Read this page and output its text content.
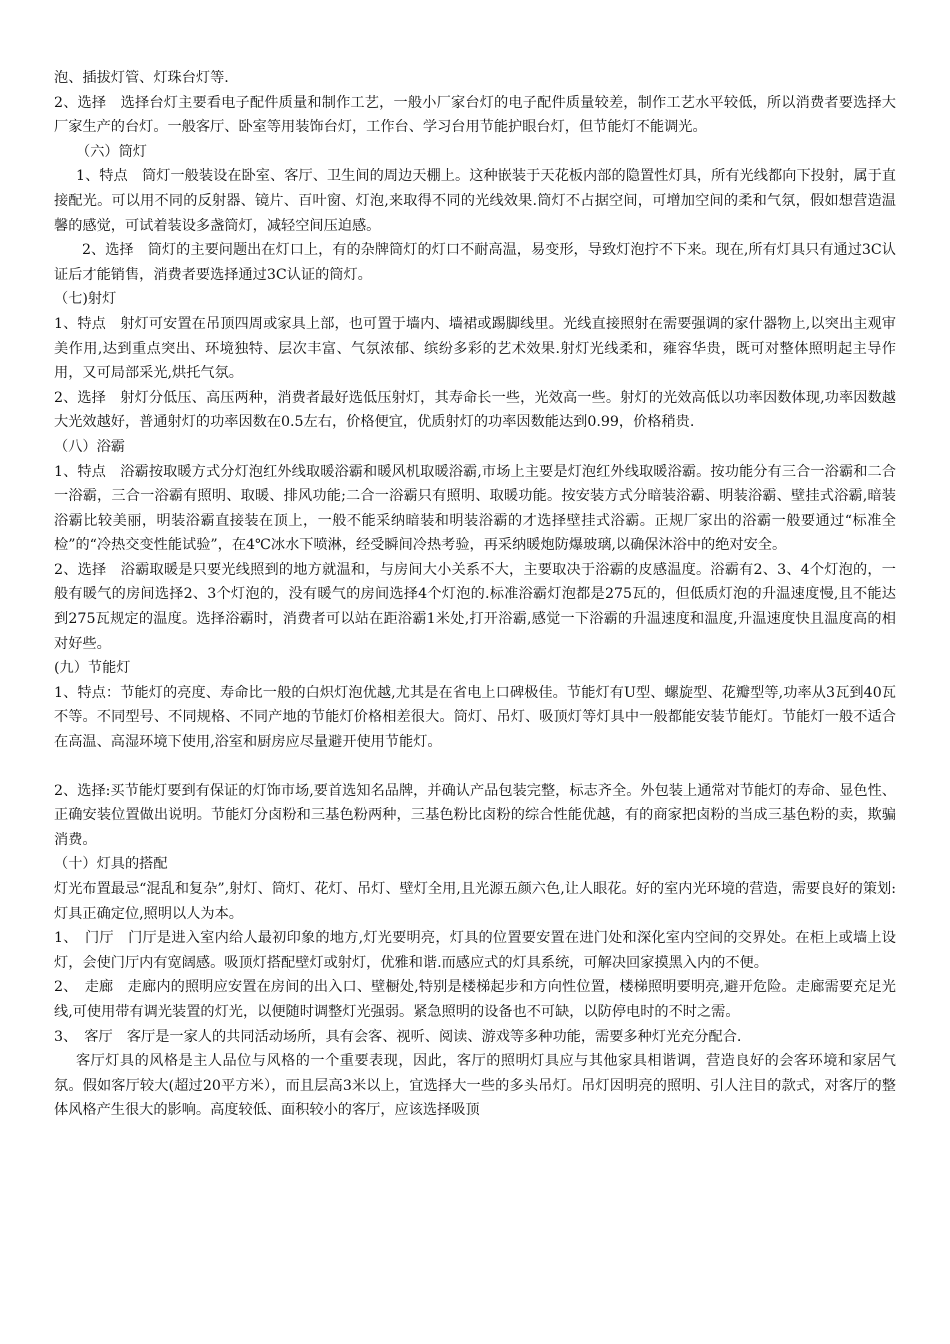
泡、插拔灯管、灯珠台灯等.

2、选择　选择台灯主要看电子配件质量和制作工艺，一般小厂家台灯的电子配件质量较差，制作工艺水平较低，所以消费者要选择大厂家生产的台灯。一般客厅、卧室等用装饰台灯，工作台、学习台用节能护眼台灯，但节能灯不能调光。

（六）筒灯

1、特点　筒灯一般装设在卧室、客厅、卫生间的周边天棚上。这种嵌装于天花板内部的隐置性灯具，所有光线都向下投射，属于直接配光。可以用不同的反射器、镜片、百叶窗、灯泡,来取得不同的光线效果.筒灯不占据空间，可增加空间的柔和气氛，假如想营造温馨的感觉，可试着装设多盏筒灯，减轻空间压迫感。

2、选择　筒灯的主要问题出在灯口上，有的杂牌筒灯的灯口不耐高温，易变形，导致灯泡拧不下来。现在,所有灯具只有通过3C认证后才能销售，消费者要选择通过3C认证的筒灯。

（七)射灯

1、特点　射灯可安置在吊顶四周或家具上部，也可置于墙内、墙裙或踢脚线里。光线直接照射在需要强调的家什器物上,以突出主观审美作用,达到重点突出、环境独特、层次丰富、气氛浓郁、缤纷多彩的艺术效果.射灯光线柔和，雍容华贵，既可对整体照明起主导作用，又可局部采光,烘托气氛。

2、选择　射灯分低压、高压两种，消费者最好选低压射灯，其寿命长一些，光效高一些。射灯的光效高低以功率因数体现,功率因数越大光效越好，普通射灯的功率因数在0.5左右，价格便宜，优质射灯的功率因数能达到0.99，价格稍贵.

（八）浴霸

1、特点　浴霸按取暖方式分灯泡红外线取暖浴霸和暖风机取暖浴霸,市场上主要是灯泡红外线取暖浴霸。按功能分有三合一浴霸和二合一浴霸，三合一浴霸有照明、取暖、排风功能;二合一浴霸只有照明、取暖功能。按安装方式分暗装浴霸、明装浴霸、壁挂式浴霸,暗装浴霸比较美丽，明装浴霸直接装在顶上，一般不能采纳暗装和明装浴霸的才选择壁挂式浴霸。正规厂家出的浴霸一般要通过“标准全检”的“冷热交变性能试验”，在4℃冰水下喷淋，经受瞬间冷热考验，再采纳暖炮防爆玻璃,以确保沐浴中的绝对安全。

2、选择　浴霸取暖是只要光线照到的地方就温和，与房间大小关系不大，主要取决于浴霸的皮感温度。浴霸有2、3、4个灯泡的，一般有暖气的房间选择2、3个灯泡的，没有暖气的房间选择4个灯泡的.标准浴霸灯泡都是275瓦的，但低质灯泡的升温速度慢,且不能达到275瓦规定的温度。选择浴霸时，消费者可以站在距浴霸1米处,打开浴霸,感觉一下浴霸的升温速度和温度,升温速度快且温度高的相对好些。

(九）节能灯

1、特点：节能灯的亮度、寿命比一般的白炽灯泡优越,尤其是在省电上口碑极佳。节能灯有U型、螺旋型、花瓣型等,功率从3瓦到40瓦不等。不同型号、不同规格、不同产地的节能灯价格相差很大。筒灯、吊灯、吸顶灯等灯具中一般都能安装节能灯。节能灯一般不适合在高温、高湿环境下使用,浴室和厨房应尽量避开使用节能灯。

2、选择:买节能灯要到有保证的灯饰市场,要首选知名品牌，并确认产品包装完整，标志齐全。外包装上通常对节能灯的寿命、显色性、正确安装位置做出说明。节能灯分卤粉和三基色粉两种，三基色粉比卤粉的综合性能优越，有的商家把卤粉的当成三基色粉的卖，欺骗消费。

（十）灯具的搭配

灯光布置最忌“混乱和复杂”,射灯、筒灯、花灯、吊灯、壁灯全用,且光源五颜六色,让人眼花。好的室内光环境的营造，需要良好的策划:灯具正确定位,照明以人为本。

1、　门厅　门厅是进入室内给人最初印象的地方,灯光要明亮，灯具的位置要安置在进门处和深化室内空间的交界处。在柜上或墙上设灯，会使门厅内有宽阔感。吸顶灯搭配壁灯或射灯，优雅和谐.而感应式的灯具系统，可解决回家摸黑入内的不便。

2、　走廊　走廊内的照明应安置在房间的出入口、壁橱处,特别是楼梯起步和方向性位置，楼梯照明要明亮,避开危险。走廊需要充足光线,可使用带有调光装置的灯光，以便随时调整灯光强弱。紧急照明的设备也不可缺，以防停电时的不时之需。

3、　客厅　客厅是一家人的共同活动场所，具有会客、视听、阅读、游戏等多种功能，需要多种灯光充分配合.

客厅灯具的风格是主人品位与风格的一个重要表现，因此，客厅的照明灯具应与其他家具相谐调，营造良好的会客环境和家居气氛。假如客厅较大(超过20平方米），而且层高3米以上，宜选择大一些的多头吊灯。吊灯因明亮的照明、引人注目的款式，对客厅的整体风格产生很大的影响。高度较低、面积较小的客厅，应该选择吸顶
